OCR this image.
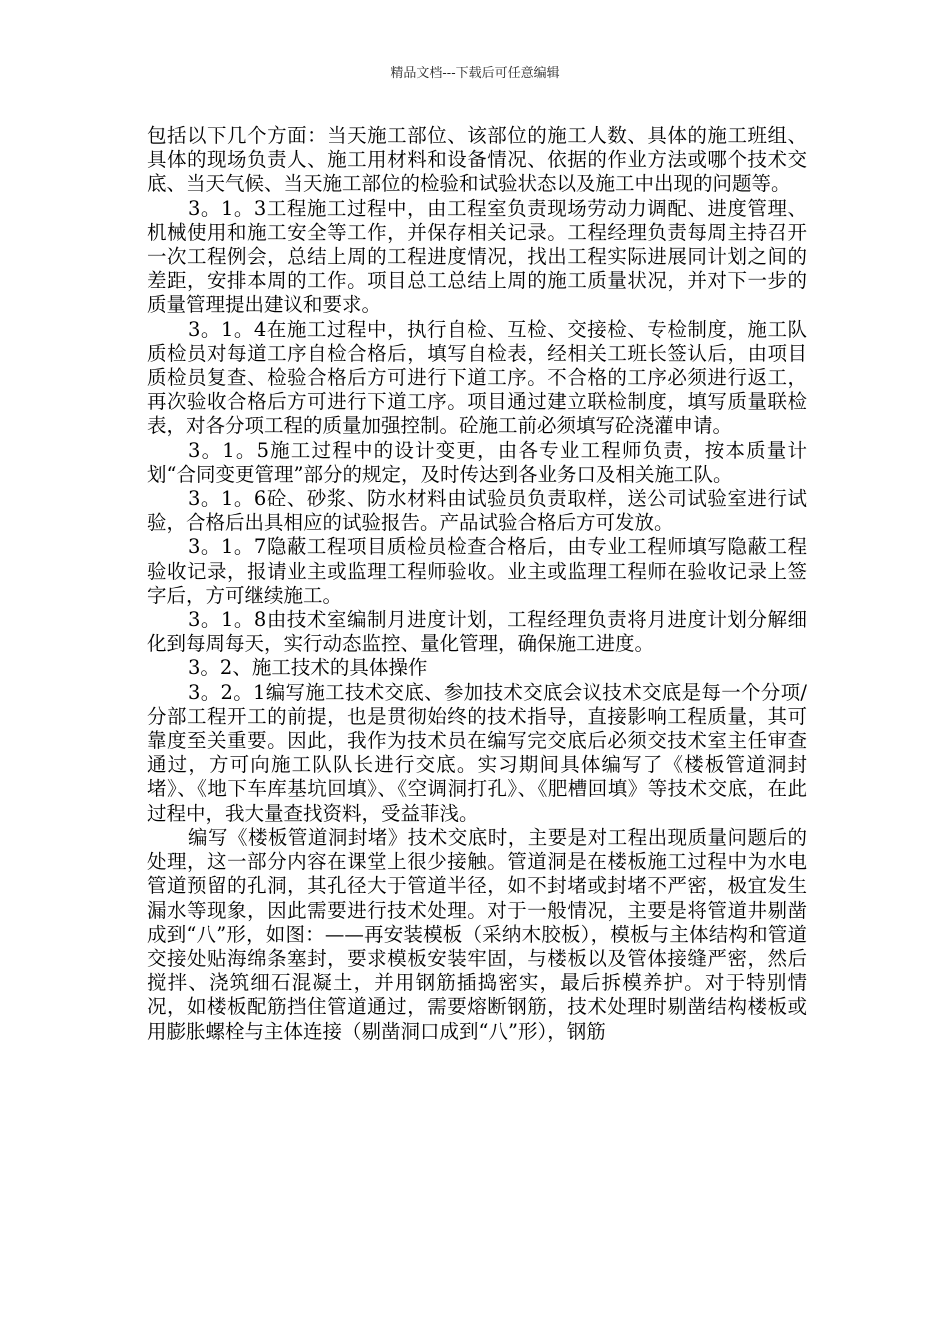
精品文档---下载后可任意编辑

包括以下几个方面：当天施工部位、该部位的施工人数、具体的施工班组、具体的现场负责人、施工用材料和设备情况、依据的作业方法或哪个技术交底、当天气候、当天施工部位的检验和试验状态以及施工中出现的问题等。

3。1。3工程施工过程中，由工程室负责现场劳动力调配、进度管理、机械使用和施工安全等工作，并保存相关记录。工程经理负责每周主持召开一次工程例会，总结上周的工程进度情况，找出工程实际进展同计划之间的差距，安排本周的工作。项目总工总结上周的施工质量状况，并对下一步的质量管理提出建议和要求。

3。1。4在施工过程中，执行自检、互检、交接检、专检制度，施工队质检员对每道工序自检合格后，填写自检表，经相关工班长签认后，由项目质检员复查、检验合格后方可进行下道工序。不合格的工序必须进行返工，再次验收合格后方可进行下道工序。项目通过建立联检制度，填写质量联检表，对各分项工程的质量加强控制。砼施工前必须填写砼浇灌申请。

3。1。5施工过程中的设计变更，由各专业工程师负责，按本质量计划“合同变更管理”部分的规定，及时传达到各业务口及相关施工队。

3。1。6砼、砂浆、防水材料由试验员负责取样，送公司试验室进行试验，合格后出具相应的试验报告。产品试验合格后方可发放。

3。1。7隐蔽工程项目质检员检查合格后，由专业工程师填写隐蔽工程验收记录，报请业主或监理工程师验收。业主或监理工程师在验收记录上签字后，方可继续施工。

3。1。8由技术室编制月进度计划，工程经理负责将月进度计划分解细化到每周每天，实行动态监控、量化管理，确保施工进度。

3。2、施工技术的具体操作

3。2。1编写施工技术交底、参加技术交底会议技术交底是每一个分项/分部工程开工的前提，也是贯彻始终的技术指导，直接影响工程质量，其可靠度至关重要。因此，我作为技术员在编写完交底后必须交技术室主任审查通过，方可向施工队队长进行交底。实习期间具体编写了《楼板管道洞封堵》、《地下车库基坑回填》、《空调洞打孔》、《肥槽回填》等技术交底，在此过程中，我大量查找资料，受益菲浅。

编写《楼板管道洞封堵》技术交底时，主要是对工程出现质量问题后的处理，这一部分内容在课堂上很少接触。管道洞是在楼板施工过程中为水电管道预留的孔洞，其孔径大于管道半径，如不封堵或封堵不严密，极宜发生漏水等现象，因此需要进行技术处理。对于一般情况，主要是将管道井剔凿成到“八”形，如图：——再安装模板（采纳木胶板），模板与主体结构和管道交接处贴海绵条塞封，要求模板安装牢固，与楼板以及管体接缝严密，然后搅拌、浇筑细石混凝土，并用钢筋插捣密实，最后拆模养护。对于特别情况，如楼板配筋挡住管道通过，需要熔断钢筋，技术处理时剔凿结构楼板或用膨胀螺栓与主体连接（剔凿洞口成到“八”形），钢筋
